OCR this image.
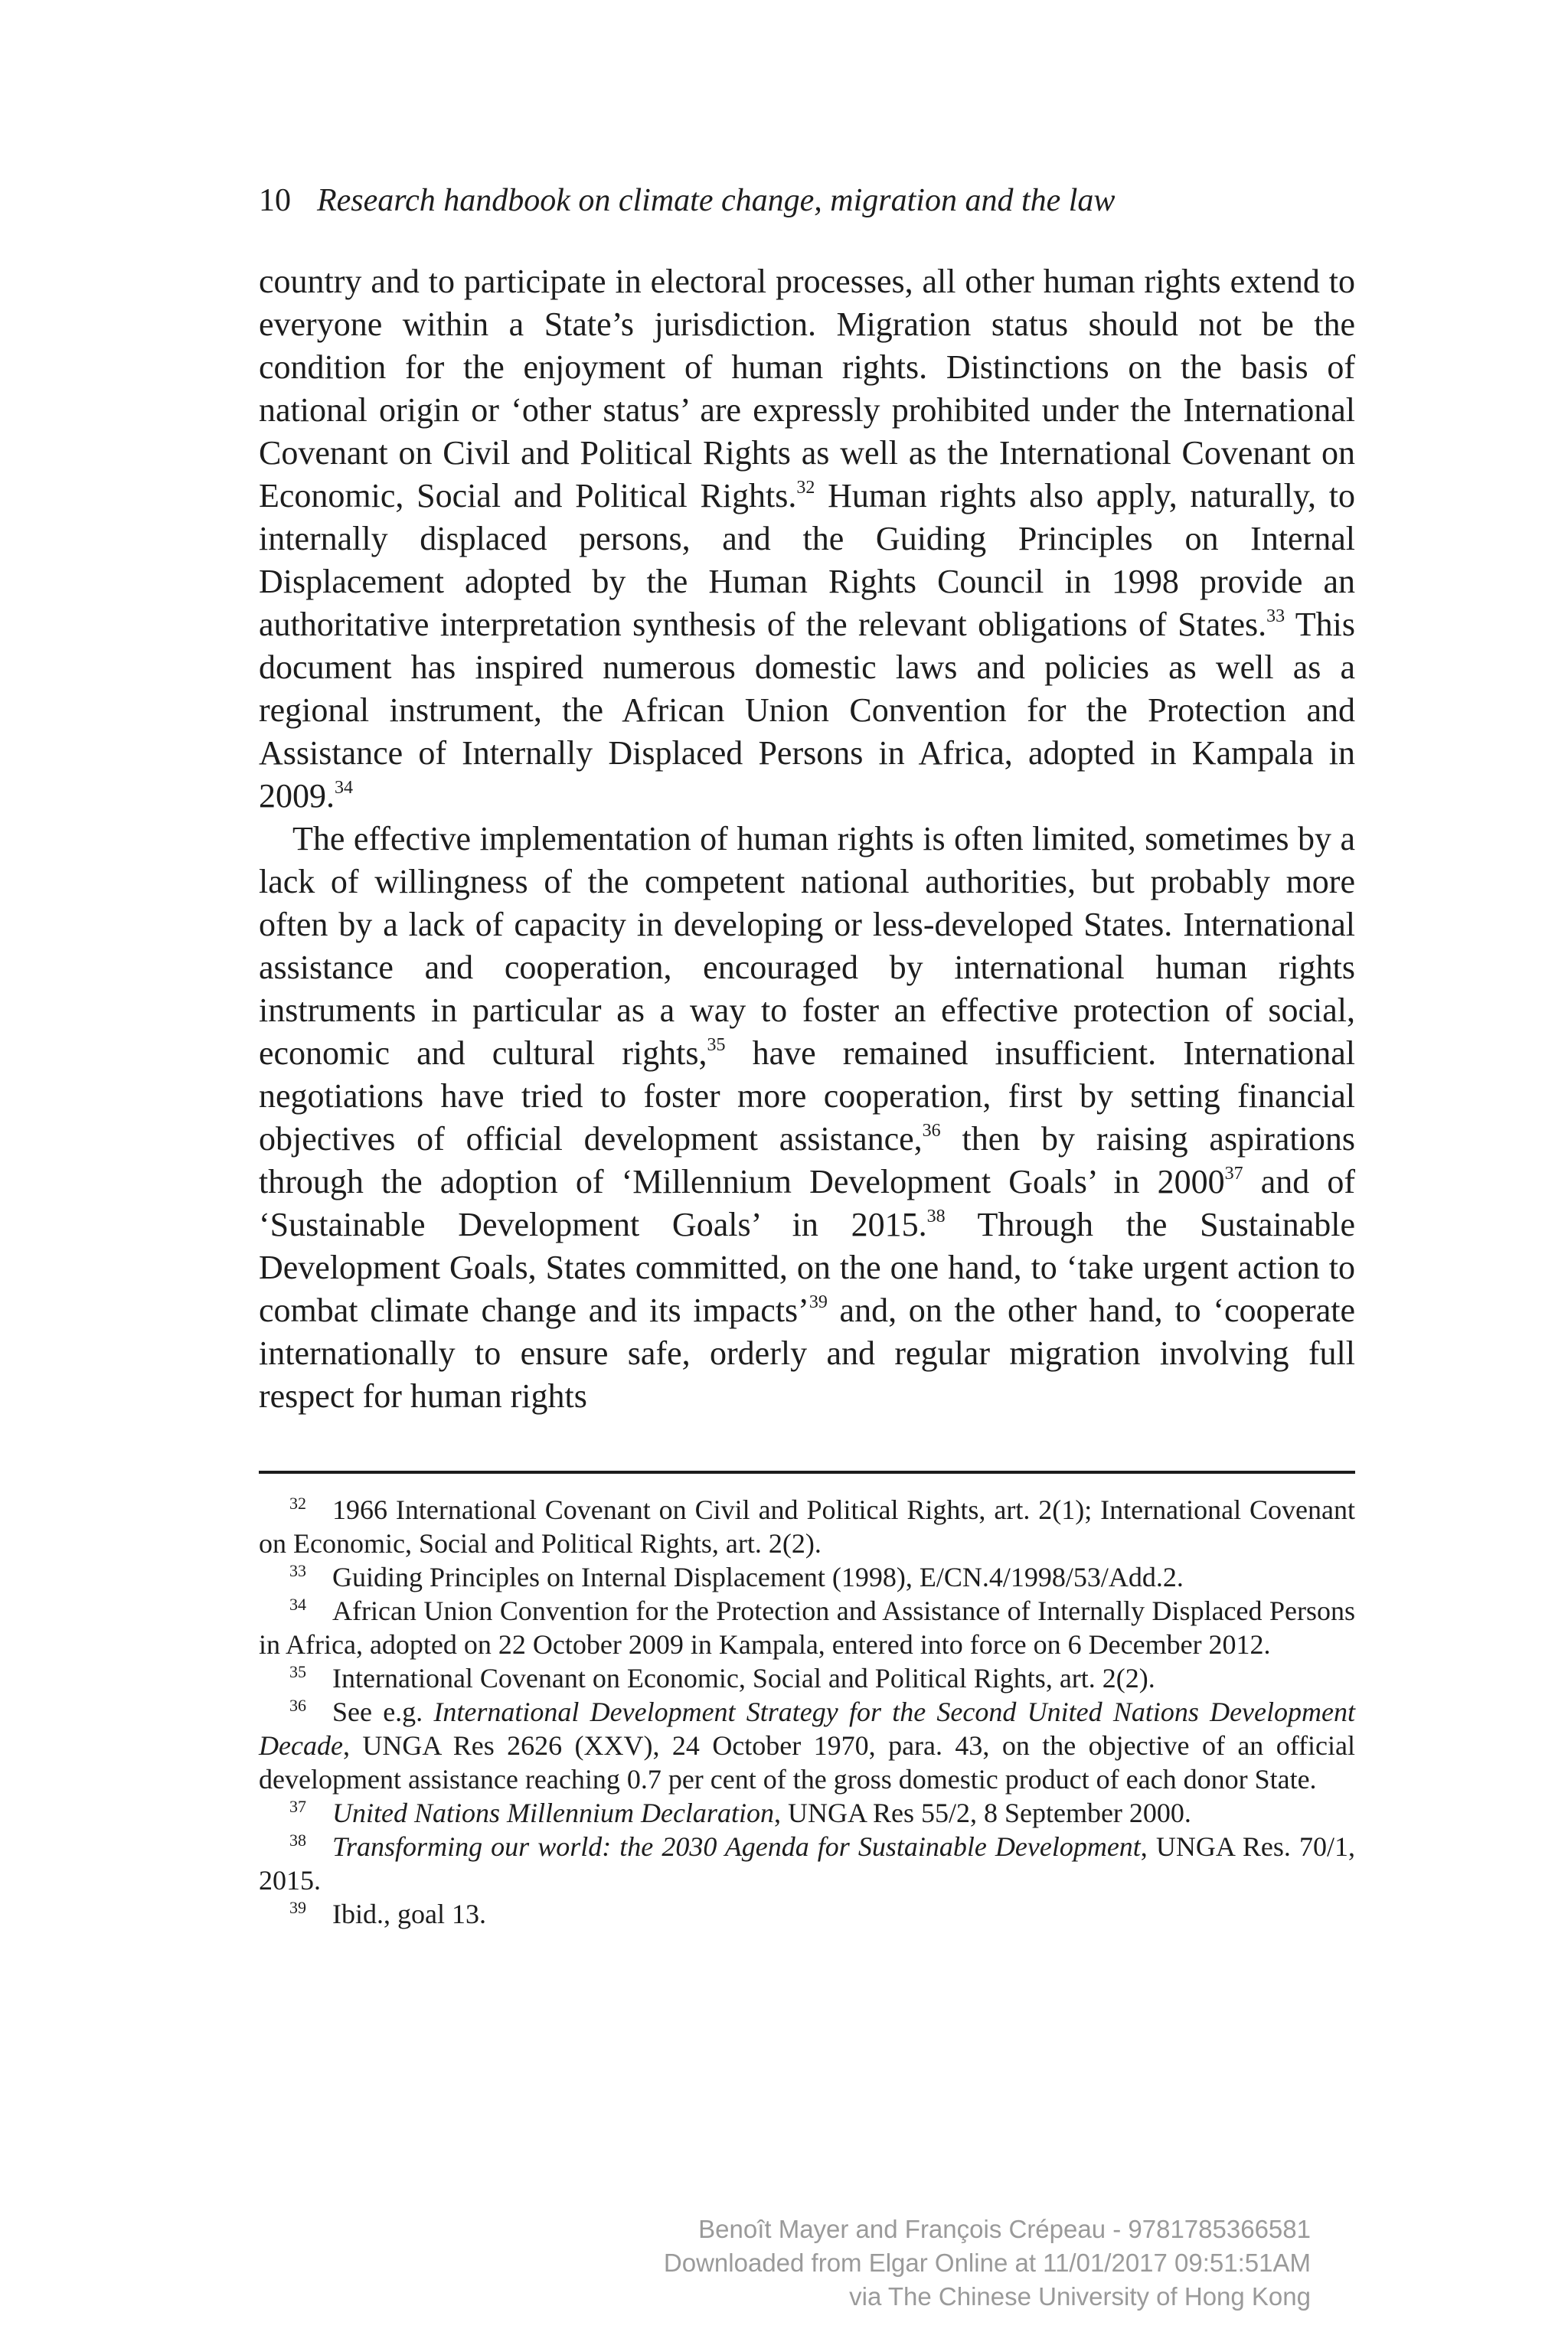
10 Research handbook on climate change, migration and the law

country and to participate in electoral processes, all other human rights extend to everyone within a State’s jurisdiction. Migration status should not be the condition for the enjoyment of human rights. Distinctions on the basis of national origin or ‘other status’ are expressly prohibited under the International Covenant on Civil and Political Rights as well as the International Covenant on Economic, Social and Political Rights.$^{32}$ Human rights also apply, naturally, to internally displaced persons, and the Guiding Principles on Internal Displacement adopted by the Human Rights Council in 1998 provide an authoritative interpretation synthesis of the relevant obligations of States.$^{33}$ This document has inspired numerous domestic laws and policies as well as a regional instrument, the African Union Convention for the Protection and Assistance of Internally Displaced Persons in Africa, adopted in Kampala in 2009.34

The effective implementation of human rights is often limited, sometimes by a lack of willingness of the competent national authorities, but probably more often by a lack of capacity in developing or less-developed States. International assistance and cooperation, encouraged by international human rights instruments in particular as a way to foster an effective protection of social, economic and cultural rights,$^{35}$ have remained insufficient. International negotiations have tried to foster more cooperation, first by setting financial objectives of official development assistance,$^{36}$ then by raising aspirations through the adoption of ‘Millennium Development Goals’ in 2000$^{37}$ and of ‘Sustainable Development Goals’ in 2015.38 Through the Sustainable Development Goals, States committed, on the one hand, to ‘take urgent action to combat climate change and its impacts’$^{39}$ and, on the other hand, to ‘cooperate internationally to ensure safe, orderly and regular migration involving full respect for human rights

32 1966 International Covenant on Civil and Political Rights, art. 2(1); International Covenant on Economic, Social and Political Rights, art. 2(2).

33 Guiding Principles on Internal Displacement (1998), E/CN.4/1998/53/Add.2.

34 African Union Convention for the Protection and Assistance of Internally Displaced Persons in Africa, adopted on 22 October 2009 in Kampala, entered into force on 6 December 2012.

35 International Covenant on Economic, Social and Political Rights, art. 2(2).

36 See e.g. International Development Strategy for the Second United Nations Development Decade, UNGA Res 2626 (XXV), 24 October 1970, para. 43, on the objective of an official development assistance reaching 0.7 per cent of the gross domestic product of each donor State.

37 United Nations Millennium Declaration, UNGA Res 55/2, 8 September 2000.

38 Transforming our world: the 2030 Agenda for Sustainable Development, UNGA Res. 70/1, 2015.

39 Ibid., goal 13.

Benoît Mayer and François Crépeau - 9781785366581
Downloaded from Elgar Online at 11/01/2017 09:51:51AM
via The Chinese University of Hong Kong
